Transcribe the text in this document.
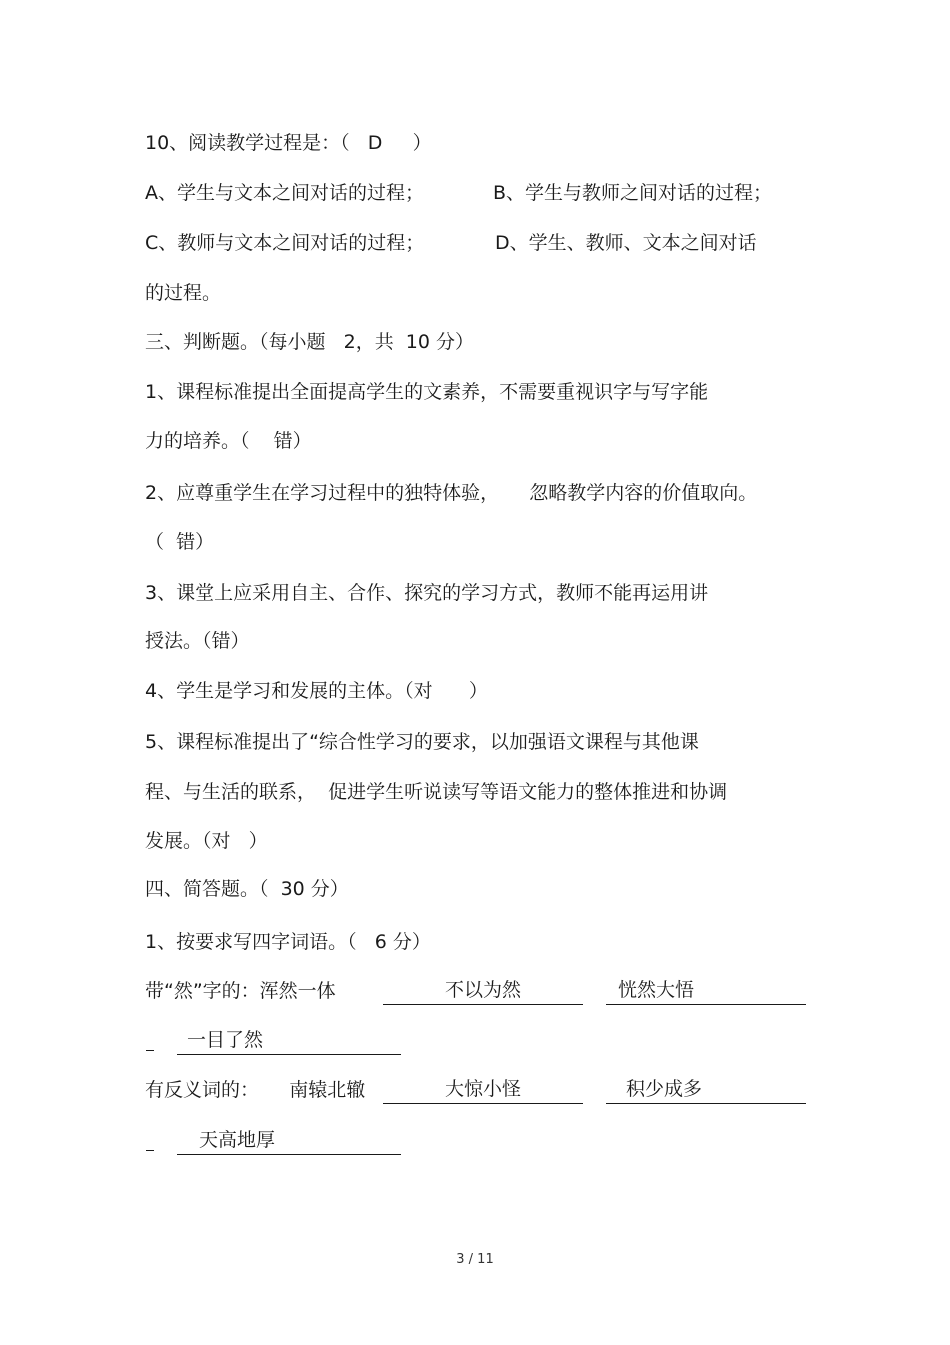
10、阅读教学过程是：（   D     ）
A、学生与文本之间对话的过程；	B、学生与教师之间对话的过程；
C、教师与文本之间对话的过程；	D、学生、教师、文本之间对话
的过程。
三、判断题。（每小题   2，共  10 分）
1、课程标准提出全面提高学生的文素养，不需要重视识字与写字能
力的培养。（    错）
2、应尊重学生在学习过程中的独特体验，     忽略教学内容的价值取向。
（  错）
3、课堂上应采用自主、合作、探究的学习方式，教师不能再运用讲
授法。（错）
4、学生是学习和发展的主体。（对      ）
5、课程标准提出了“综合性学习的要求，以加强语文课程与其他课
程、与生活的联系，  促进学生听说读写等语文能力的整体推进和协调
发展。（对   ）
四、简答题。（  30 分）
1、按要求写四字词语。（   6 分）
带“然”字的：浑然一体	不以为然	恍然大悟
一目了然
有反义词的：     南辕北辙	大惊小怪	积少成多
天高地厚
3 / 11
